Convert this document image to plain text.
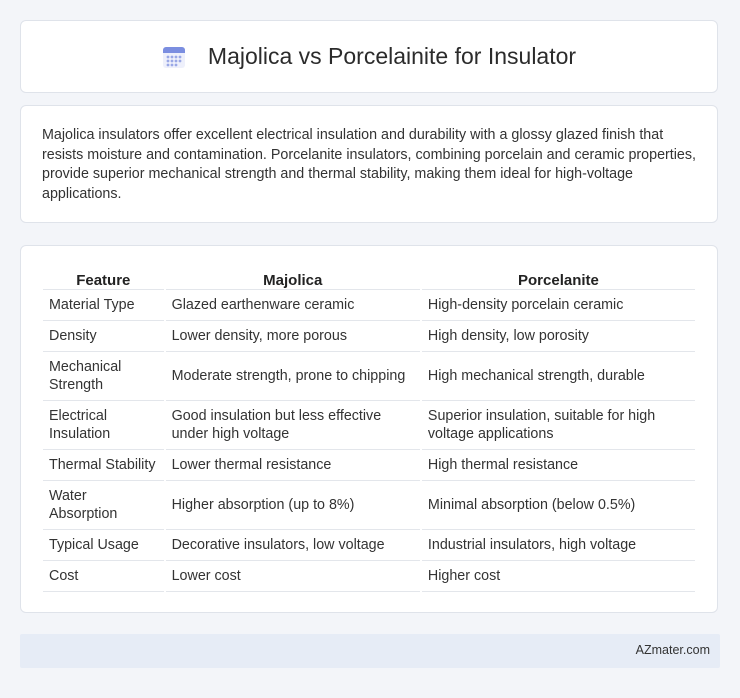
Majolica vs Porcelainite for Insulator

Majolica insulators offer excellent electrical insulation and durability with a glossy glazed finish that resists moisture and contamination. Porcelanite insulators, combining porcelain and ceramic properties, provide superior mechanical strength and thermal stability, making them ideal for high-voltage applications.

Feature	Majolica	Porcelanite
Material Type	Glazed earthenware ceramic	High-density porcelain ceramic
Density	Lower density, more porous	High density, low porosity
Mechanical Strength	Moderate strength, prone to chipping	High mechanical strength, durable
Electrical Insulation	Good insulation but less effective under high voltage	Superior insulation, suitable for high voltage applications
Thermal Stability	Lower thermal resistance	High thermal resistance
Water Absorption	Higher absorption (up to 8%)	Minimal absorption (below 0.5%)
Typical Usage	Decorative insulators, low voltage	Industrial insulators, high voltage
Cost	Lower cost	Higher cost
AZmater.com
